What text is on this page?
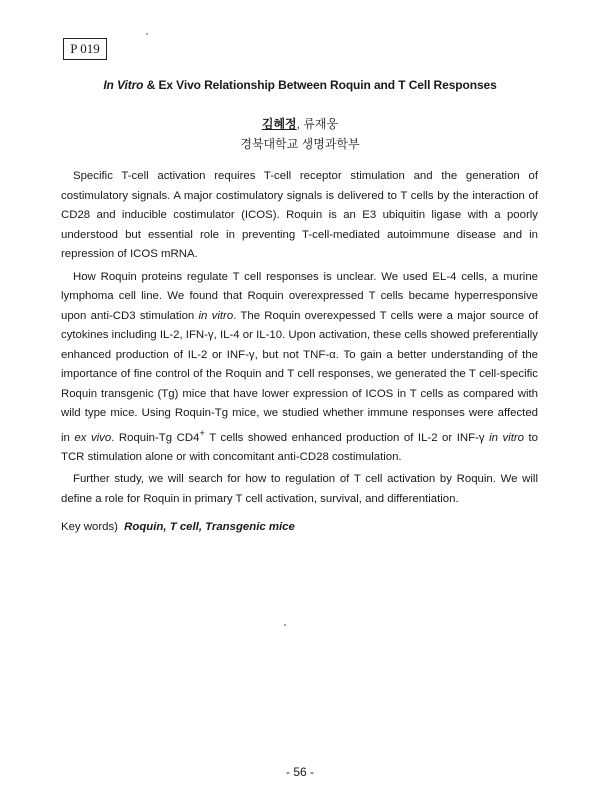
P 019
In Vitro & Ex Vivo Relationship Between Roquin and T Cell Responses
김혜정, 류재웅
경북대학교 생명과학부

Specific T-cell activation requires T-cell receptor stimulation and the generation of costimulatory signals. A major costimulatory signals is delivered to T cells by the interaction of CD28 and inducible costimulator (ICOS). Roquin is an E3 ubiquitin ligase with a poorly understood but essential role in preventing T-cell-mediated autoimmune disease and in repression of ICOS mRNA.

How Roquin proteins regulate T cell responses is unclear. We used EL-4 cells, a murine lymphoma cell line. We found that Roquin overexpressed T cells became hyperresponsive upon anti-CD3 stimulation in vitro. The Roquin overexpessed T cells were a major source of cytokines including IL-2, IFN-γ, IL-4 or IL-10. Upon activation, these cells showed preferentially enhanced production of IL-2 or INF-γ, but not TNF-α. To gain a better understanding of the importance of fine control of the Roquin and T cell responses, we generated the T cell-specific Roquin transgenic (Tg) mice that have lower expression of ICOS in T cells as compared with wild type mice. Using Roquin-Tg mice, we studied whether immune responses were affected in ex vivo. Roquin-Tg CD4+ T cells showed enhanced production of IL-2 or INF-γ in vitro to TCR stimulation alone or with concomitant anti-CD28 costimulation.

Further study, we will search for how to regulation of T cell activation by Roquin. We will define a role for Roquin in primary T cell activation, survival, and differentiation.

Key words) Roquin, T cell, Transgenic mice
- 56 -
